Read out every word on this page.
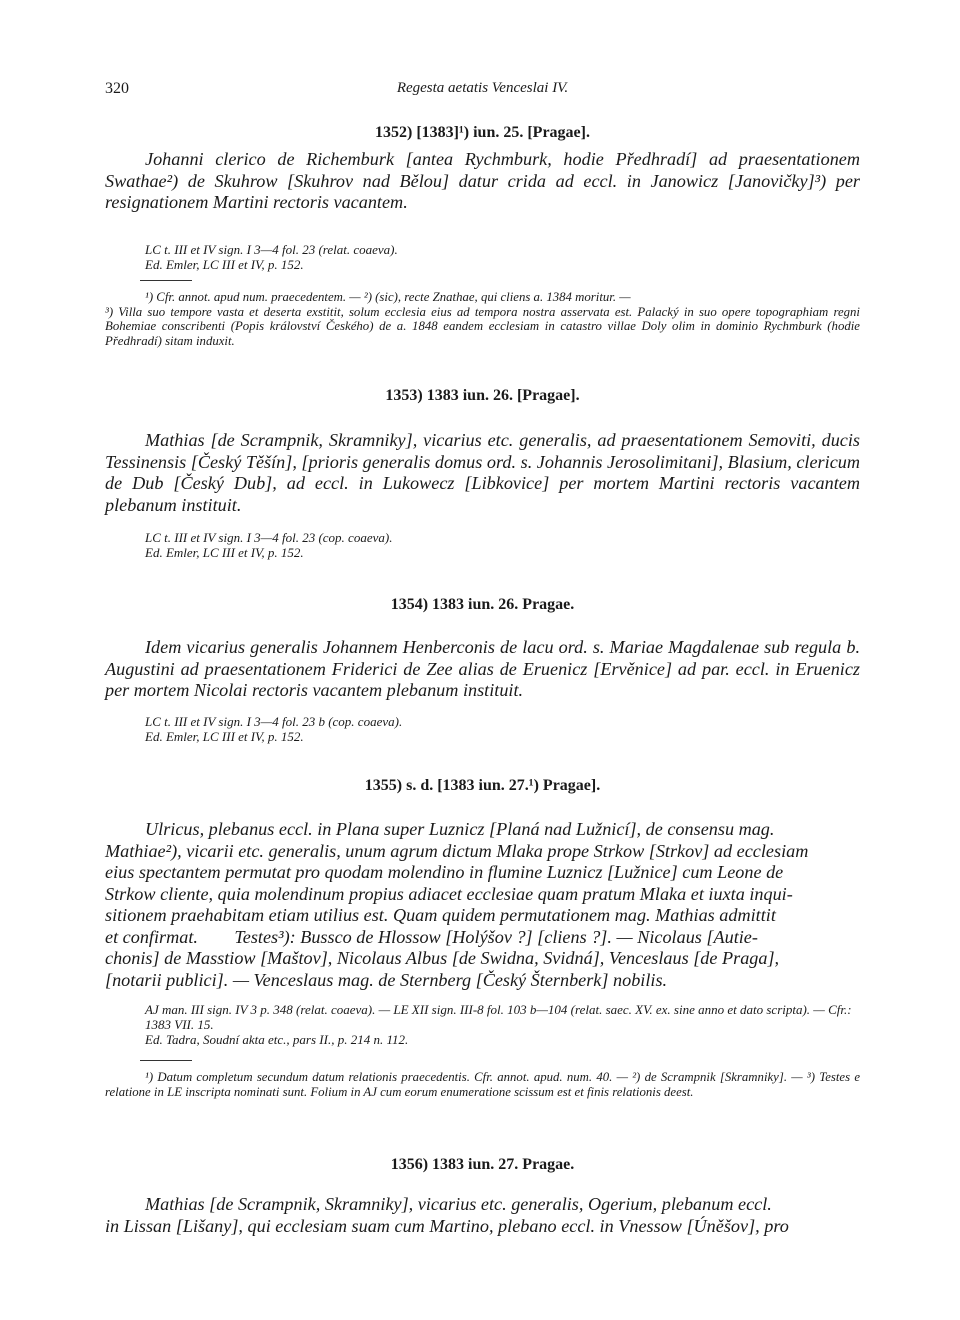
320	Regesta aetatis Venceslai IV.
1352) [1383]¹) iun. 25. [Pragae].

Johanni clerico de Richemburk [antea Rychmburk, hodie Předhradí] ad praesentationem Swathae²) de Skuhrow [Skuhrov nad Bělou] datur crida ad eccl. in Janowicz [Janovičky]³) per resignationem Martini rectoris vacantem.

LC t. III et IV sign. I 3—4 fol. 23 (relat. coaeva).
Ed. Emler, LC III et IV, p. 152.
¹) Cfr. annot. apud num. praecedentem. — ²) (sic), recte Znathae, qui cliens a. 1384 moritur. —
³) Villa suo tempore vasta et deserta exstitit, solum ecclesia eius ad tempora nostra asservata est. Palacký in suo opere topographiam regni Bohemiae conscribenti (Popis království Českého) de a. 1848 eandem ecclesiam in catastro villae Doly olim in dominio Rychmburk (hodie Předhradí) sitam induxit.
1353) 1383 iun. 26. [Pragae].

Mathias [de Scrampnik, Skramniky], vicarius etc. generalis, ad praesentationem Semoviti, ducis Tessinensis [Český Těšín], [prioris generalis domus ord. s. Johannis Jerosolimitani], Blasium, clericum de Dub [Český Dub], ad eccl. in Lukowecz [Libkovice] per mortem Martini rectoris vacantem plebanum instituit.

LC t. III et IV sign. I 3—4 fol. 23 (cop. coaeva).
Ed. Emler, LC III et IV, p. 152.
1354) 1383 iun. 26. Pragae.

Idem vicarius generalis Johannem Henberconis de lacu ord. s. Mariae Magdalenae sub regula b. Augustini ad praesentationem Friderici de Zee alias de Eruenicz [Ervěnice] ad par. eccl. in Eruenicz per mortem Nicolai rectoris vacantem plebanum instituit.

LC t. III et IV sign. I 3—4 fol. 23 b (cop. coaeva).
Ed. Emler, LC III et IV, p. 152.
1355) s. d. [1383 iun. 27.¹) Pragae].
Ulricus, plebanus eccl. in Plana super Luznicz [Planá nad Lužnicí], de consensu mag.
Mathiae²), vicarii etc. generalis, unum agrum dictum Mlaka prope Strkow [Strkov] ad ecclesiam
eius spectantem permutat pro quodam molendino in flumine Luznicz [Lužnice] cum Leone de
Strkow cliente, quia molendinum propius adiacet ecclesiae quam pratum Mlaka et iuxta inqui-
sitionem praehabitam etiam utilius est. Quam quidem permutationem mag. Mathias admittit
et confirmat.        Testes³): Bussco de Hlossow [Holýšov ?] [cliens ?]. — Nicolaus [Autie-
chonis] de Masstiow [Maštov], Nicolaus Albus [de Swidna, Svidná], Venceslaus [de Praga],
[notarii publici]. — Venceslaus mag. de Sternberg [Český Šternberk] nobilis.
AJ man. III sign. IV 3 p. 348 (relat. coaeva). — LE XII sign. III-8 fol. 103 b—104 (relat. saec. XV. ex. sine anno et dato scripta). — Cfr.: 1383 VII. 15.
Ed. Tadra, Soudní akta etc., pars II., p. 214 n. 112.
¹) Datum completum secundum datum relationis praecedentis. Cfr. annot. apud. num. 40. — ²) de Scrampnik [Skramniky]. — ³) Testes e relatione in LE inscripta nominati sunt. Folium in AJ cum eorum enumeratione scissum est et finis relationis deest.
1356) 1383 iun. 27. Pragae.
Mathias [de Scrampnik, Skramniky], vicarius etc. generalis, Ogerium, plebanum eccl.
in Lissan [Lišany], qui ecclesiam suam cum Martino, plebano eccl. in Vnessow [Úněšov], pro
